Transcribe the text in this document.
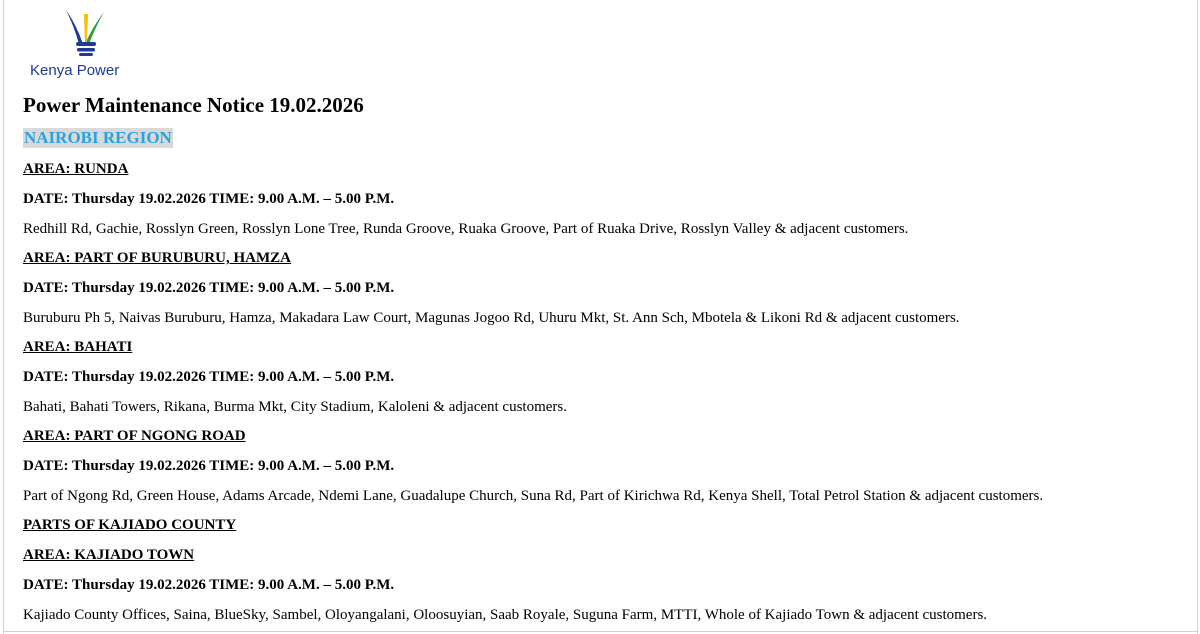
Kenya Power
Power Maintenance Notice 19.02.2026
NAIROBI REGION
AREA: RUNDA
DATE: Thursday 19.02.2026 TIME: 9.00 A.M. – 5.00 P.M.
Redhill Rd, Gachie, Rosslyn Green, Rosslyn Lone Tree, Runda Groove, Ruaka Groove, Part of Ruaka Drive, Rosslyn Valley & adjacent customers.
AREA: PART OF BURUBURU, HAMZA
DATE: Thursday 19.02.2026 TIME: 9.00 A.M. – 5.00 P.M.
Buruburu Ph 5, Naivas Buruburu, Hamza, Makadara Law Court, Magunas Jogoo Rd, Uhuru Mkt, St. Ann Sch, Mbotela & Likoni Rd & adjacent customers.
AREA: BAHATI
DATE: Thursday 19.02.2026 TIME: 9.00 A.M. – 5.00 P.M.
Bahati, Bahati Towers, Rikana, Burma Mkt, City Stadium, Kaloleni & adjacent customers.
AREA: PART OF NGONG ROAD
DATE: Thursday 19.02.2026 TIME: 9.00 A.M. – 5.00 P.M.
Part of Ngong Rd, Green House, Adams Arcade, Ndemi Lane, Guadalupe Church, Suna Rd, Part of Kirichwa Rd, Kenya Shell, Total Petrol Station & adjacent customers.
PARTS OF KAJIADO COUNTY
AREA: KAJIADO TOWN
DATE: Thursday 19.02.2026 TIME: 9.00 A.M. – 5.00 P.M.
Kajiado County Offices, Saina, BlueSky, Sambel, Oloyangalani, Oloosuyian, Saab Royale, Suguna Farm, MTTI, Whole of Kajiado Town & adjacent customers.
